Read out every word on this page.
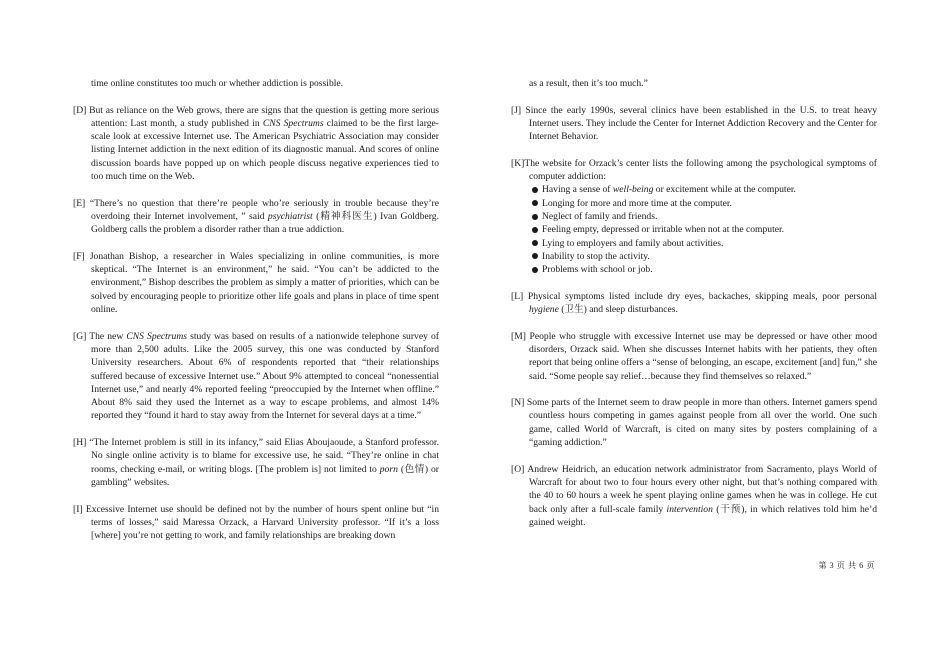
time online constitutes too much or whether addiction is possible.

[D] But as reliance on the Web grows, there are signs that the question is getting more serious attention: Last month, a study published in CNS Spectrums claimed to be the first large-scale look at excessive Internet use. The American Psychiatric Association may consider listing Internet addiction in the next edition of its diagnostic manual. And scores of online discussion boards have popped up on which people discuss negative experiences tied to too much time on the Web.

[E] “There’s no question that there’re people who’re seriously in trouble because they’re overdoing their Internet involvement, ” said psychiatrist (精神科医生) Ivan Goldberg. Goldberg calls the problem a disorder rather than a true addiction.

[F] Jonathan Bishop, a researcher in Wales specializing in online communities, is more skeptical. “The Internet is an environment,” he said. “You can’t be addicted to the environment,” Bishop describes the problem as simply a matter of priorities, which can be solved by encouraging people to prioritize other life goals and plans in place of time spent online.

[G] The new CNS Spectrums study was based on results of a nationwide telephone survey of more than 2,500 adults. Like the 2005 survey, this one was conducted by Stanford University researchers. About 6% of respondents reported that “their relationships suffered because of excessive Internet use.” About 9% attempted to conceal “nonessential Internet use,” and nearly 4% reported feeling “preoccupied by the Internet when offline.” About 8% said they used the Internet as a way to escape problems, and almost 14% reported they “found it hard to stay away from the Internet for several days at a time.”

[H] “The Internet problem is still in its infancy,” said Elias Aboujaoude, a Stanford professor. No single online activity is to blame for excessive use, he said. “They’re online in chat rooms, checking e-mail, or writing blogs. [The problem is] not limited to porn (色情) or gambling” websites.

[I] Excessive Internet use should be defined not by the number of hours spent online but “in terms of losses,” said Maressa Orzack, a Harvard University professor. “If it’s a loss [where] you’re not getting to work, and family relationships are breaking down

as a result, then it’s too much.”

[J] Since the early 1990s, several clinics have been established in the U.S. to treat heavy Internet users. They include the Center for Internet Addiction Recovery and the Center for Internet Behavior.

[K]The website for Orzack’s center lists the following among the psychological symptoms of computer addiction:

Having a sense of well-being or excitement while at the computer.
Longing for more and more time at the computer.
Neglect of family and friends.
Feeling empty, depressed or irritable when not at the computer.
Lying to employers and family about activities.
Inability to stop the activity.
Problems with school or job.

[L] Physical symptoms listed include dry eyes, backaches, skipping meals, poor personal hygiene (卫生) and sleep disturbances.

[M] People who struggle with excessive Internet use may be depressed or have other mood disorders, Orzack said. When she discusses Internet habits with her patients, they often report that being online offers a “sense of belonging, an escape, excitement [and] fun,” she said. “Some people say relief…because they find themselves so relaxed.”

[N] Some parts of the Internet seem to draw people in more than others. Internet gamers spend countless hours competing in games against people from all over the world. One such game, called World of Warcraft, is cited on many sites by posters complaining of a “gaming addiction.”

[O] Andrew Heidrich, an education network administrator from Sacramento, plays World of Warcraft for about two to four hours every other night, but that’s nothing compared with the 40 to 60 hours a week he spent playing online games when he was in college. He cut back only after a full-scale family intervention (干预), in which relatives told him he’d gained weight.

第 3 页 共 6 页
